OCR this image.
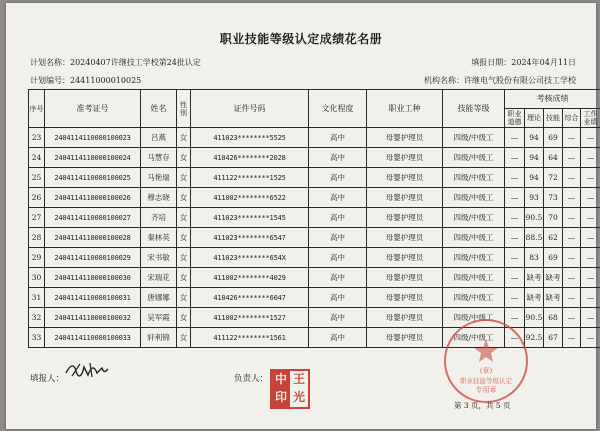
职业技能等级认定成绩花名册
计划名称：20240407许继技工学校第24批认定	填报日期：2024年04月11日
计划编号：24411000010025	机构名称：许继电气股份有限公司技工学校
序号	准考证号	姓名	性别	证件号码	文化程度	职业工种	技能等级	考核成绩				
								职业道德	理论	技能	综合	工作业绩
23	2404114110000100023	吕燕	女	411023********5525	高中	母婴护理员	四级/中级工	—	94	69	—	—
24	2404114110000100024	马慧存	女	410426********2028	高中	母婴护理员	四级/中级工	—	94	64	—	—
25	2404114110000100025	马艳瑞	女	411122********1525	高中	母婴护理员	四级/中级工	—	94	72	—	—
26	2404114110000100026	穆志晓	女	411002********6522	高中	母婴护理员	四级/中级工	—	93	73	—	—
27	2404114110000100027	齐培	女	411023********1545	高中	母婴护理员	四级/中级工	—	90.5	70	—	—
28	2404114110000100028	秦林英	女	411023********6547	高中	母婴护理员	四级/中级工	—	88.5	62	—	—
29	2404114110000100029	宋书敏	女	411023********654X	高中	母婴护理员	四级/中级工	—	83	69	—	—
30	2404114110000100030	宋瑞花	女	411002********4029	高中	母婴护理员	四级/中级工	—	缺考	缺考	—	—
31	2404114110000100031	唐娜娜	女	410426********6047	高中	母婴护理员	四级/中级工	—	缺考	缺考	—	—
32	2404114110000100032	吴军霞	女	411002********1527	高中	母婴护理员	四级/中级工	—	90.5	68	—	—
33	2404114110000100033	轩利锦	女	411122********1561	高中	母婴护理员	四级/中级工	—	92.5	67	—	—
填报人：	负责人： 中 王
印 光
(章)
职业技能等级认定
专用章
第 3 页，共 5 页
